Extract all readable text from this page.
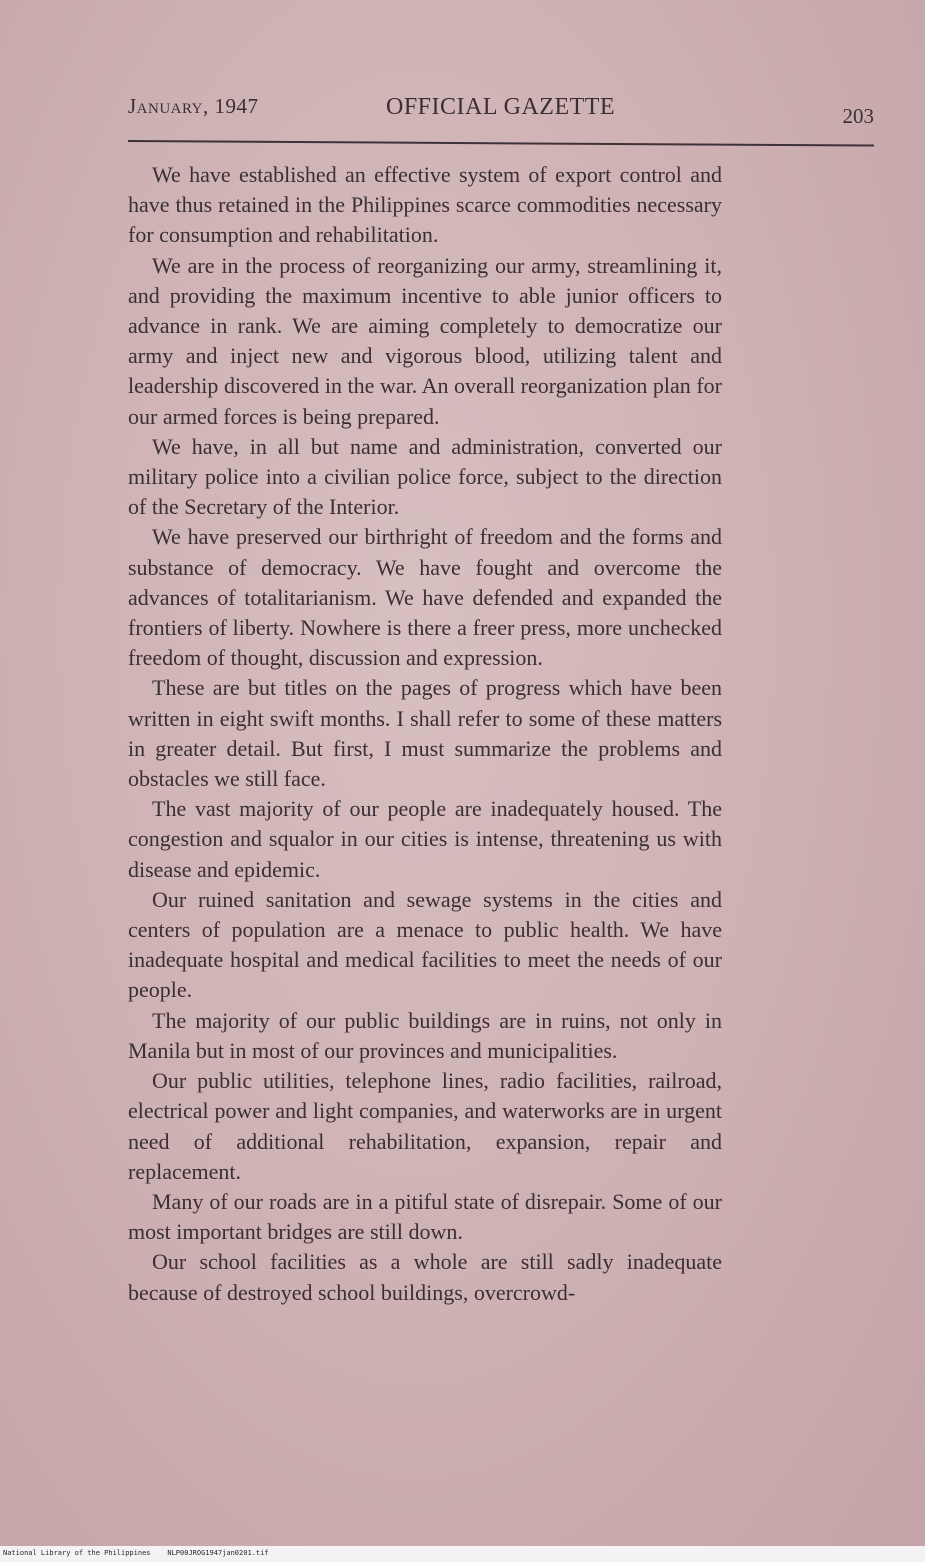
January, 1947	OFFICIAL GAZETTE	203

We have established an effective system of export control and have thus retained in the Philippines scarce commodities necessary for consumption and rehabilitation.

We are in the process of reorganizing our army, streamlining it, and providing the maximum incentive to able junior officers to advance in rank. We are aiming completely to democratize our army and inject new and vigorous blood, utilizing talent and leadership discovered in the war. An overall reorganization plan for our armed forces is being prepared.

We have, in all but name and administration, converted our military police into a civilian police force, subject to the direction of the Secretary of the Interior.

We have preserved our birthright of freedom and the forms and substance of democracy. We have fought and overcome the advances of totalitarianism. We have defended and expanded the frontiers of liberty. Nowhere is there a freer press, more unchecked freedom of thought, discussion and expression.

These are but titles on the pages of progress which have been written in eight swift months. I shall refer to some of these matters in greater detail. But first, I must summarize the problems and obstacles we still face.

The vast majority of our people are inadequately housed. The congestion and squalor in our cities is intense, threatening us with disease and epidemic.

Our ruined sanitation and sewage systems in the cities and centers of population are a menace to public health. We have inadequate hospital and medical facilities to meet the needs of our people.

The majority of our public buildings are in ruins, not only in Manila but in most of our provinces and municipalities.

Our public utilities, telephone lines, radio facilities, railroad, electrical power and light companies, and waterworks are in urgent need of additional rehabilitation, expansion, repair and replacement.

Many of our roads are in a pitiful state of disrepair. Some of our most important bridges are still down.

Our school facilities as a whole are still sadly inadequate because of destroyed school buildings, overcrowd-

National Library of the Philippines NLP00JROG1947jan0201.tif
